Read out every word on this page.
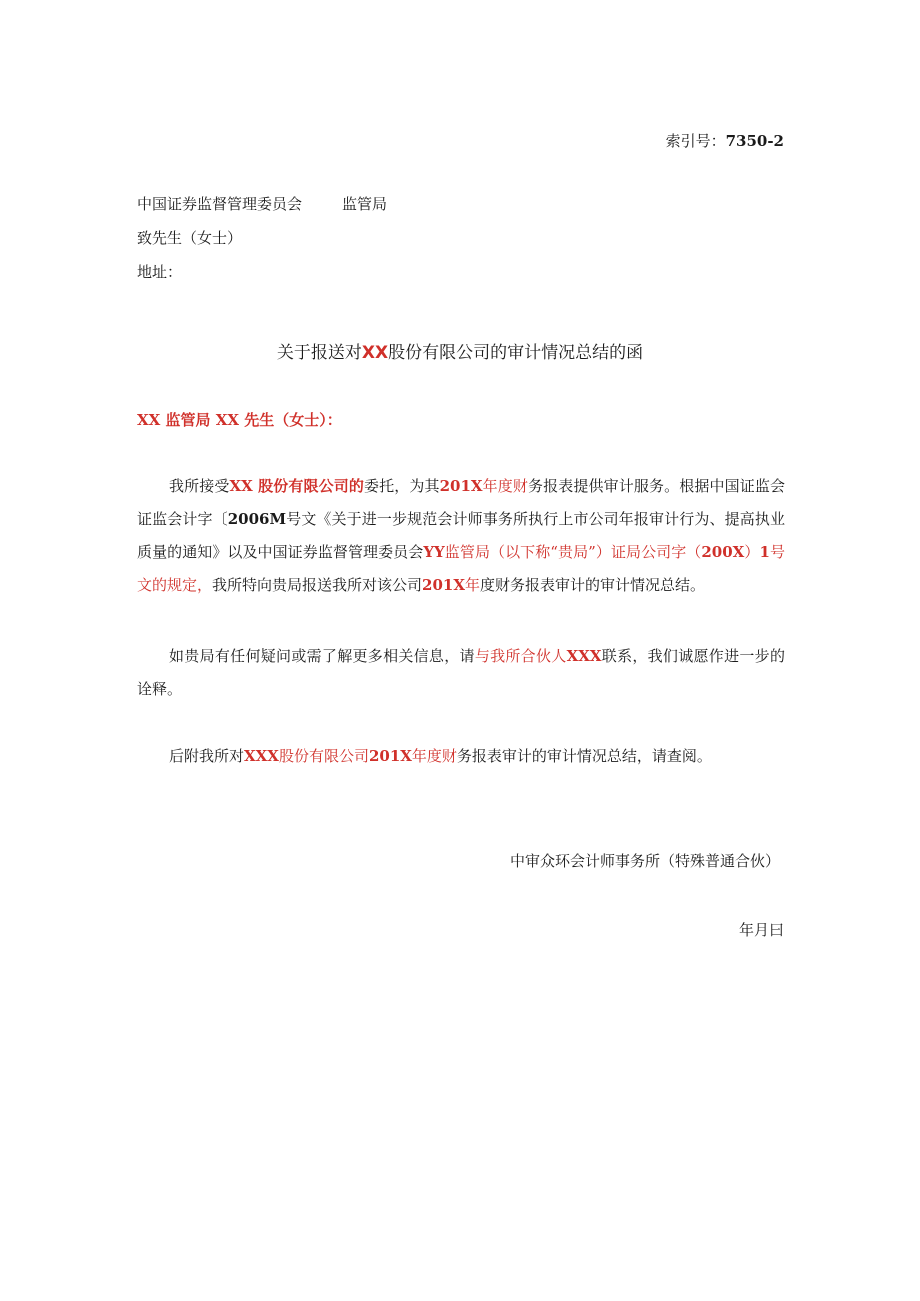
索引号：7350-2
中国证券监督管理委员会	监管局
致先生（女士）
地址：
关于报送对XX股份有限公司的审计情况总结的函
XX 监管局 XX 先生（女士）：
我所接受XX 股份有限公司的委托，为其201X年度财务报表提供审计服务。根据中国证监会证监会计字〔2006M号文《关于进一步规范会计师事务所执行上市公司年报审计行为、提高执业质量的通知》以及中国证券监督管理委员会YY监管局（以下称“贵局”）证局公司字（200X）1号文的规定，我所特向贵局报送我所对该公司201X年度财务报表审计的审计情况总结。
如贵局有任何疑问或需了解更多相关信息，请与我所合伙人XXX联系，我们诚愿作进一步的诠释。
后附我所对XXX股份有限公司201X年度财务报表审计的审计情况总结，请查阅。
中审众环会计师事务所（特殊普通合伙）
年月曰
